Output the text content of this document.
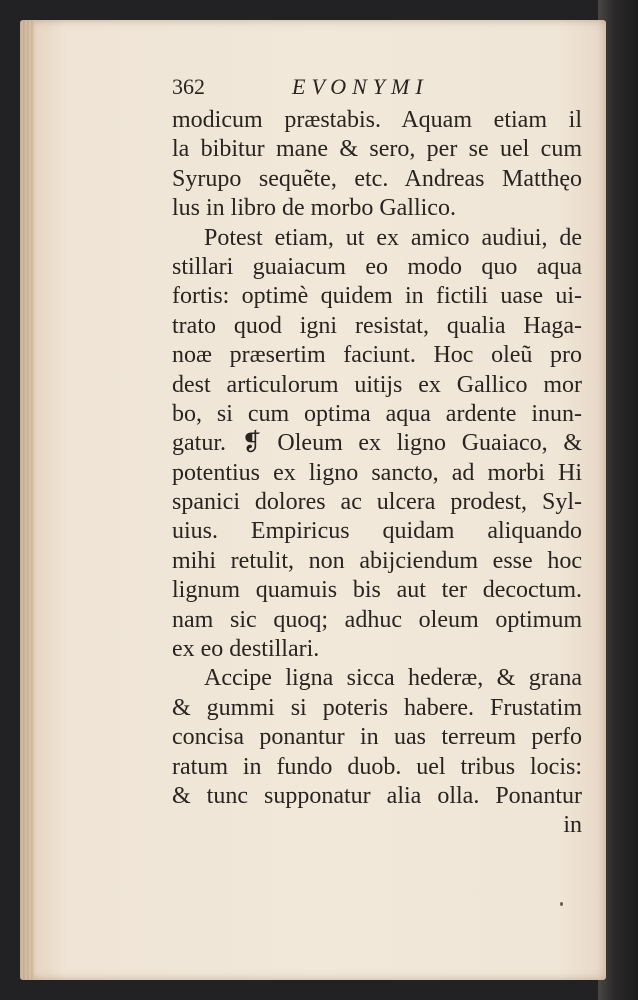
362	EVONYMI
modicum præstabis. Aquam etiam il
la bibitur mane & sero, per se uel cum
Syrupo sequẽte, etc. Andreas Matthęo
lus in libro de morbo Gallico.
Potest etiam, ut ex amico audiui, de
stillari guaiacum eo modo quo aqua
fortis: optimè quidem in fictili uase ui-
trato quod igni resistat, qualia Haga-
noæ præsertim faciunt. Hoc oleũ pro
dest articulorum uitijs ex Gallico mor
bo, si cum optima aqua ardente inun-
gatur. ❡ Oleum ex ligno Guaiaco, &
potentius ex ligno sancto, ad morbi Hi
spanici dolores ac ulcera prodest, Syl-
uius. Empiricus quidam aliquando
mihi retulit, non abijciendum esse hoc
lignum quamuis bis aut ter decoctum.
nam sic quoq; adhuc oleum optimum
ex eo destillari.
Accipe ligna sicca hederæ, & grana
& gummi si poteris habere. Frustatim
concisa ponantur in uas terreum perfo
ratum in fundo duob. uel tribus locis:
& tunc supponatur alia olla. Ponantur
in
